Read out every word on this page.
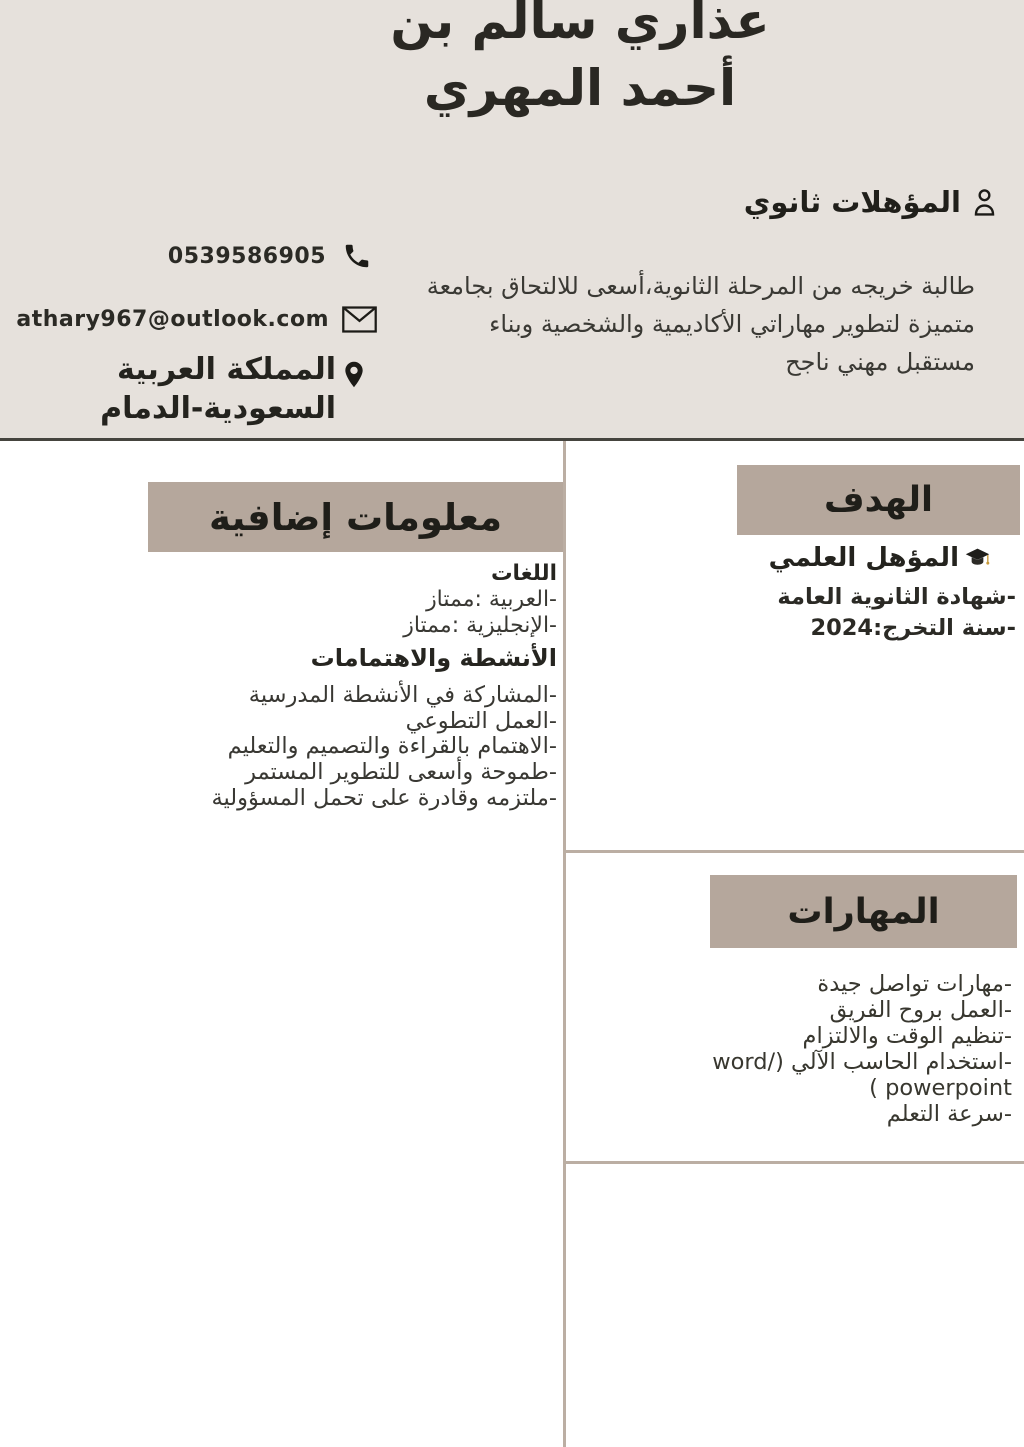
عذاري سالم بن
أحمد المهري
المؤهلات ثانوي

طالبة خريجه من المرحلة الثانوية،أسعى للالتحاق بجامعة متميزة لتطوير مهاراتي الأكاديمية والشخصية وبناء مستقبل مهني ناجح

0539586905
athary967@outlook.com
المملكة العربية
السعودية-الدمام
معلومات إضافية
اللغات
-العربية :ممتاز
-الإنجليزية :ممتاز
الأنشطة والاهتمامات
-المشاركة في الأنشطة المدرسية
-العمل التطوعي
-الاهتمام بالقراءة والتصميم والتعليم
-طموحة وأسعى للتطوير المستمر
-ملتزمه وقادرة على تحمل المسؤولية
الهدف
المؤهل العلمي
-شهادة الثانوية العامة
-سنة التخرج:2024
المهارات
-مهارات تواصل جيدة
-العمل بروح الفريق
-تنظيم الوقت والالتزام
-استخدام الحاسب الآلي (word/ powerpoint )
-سرعة التعلم
